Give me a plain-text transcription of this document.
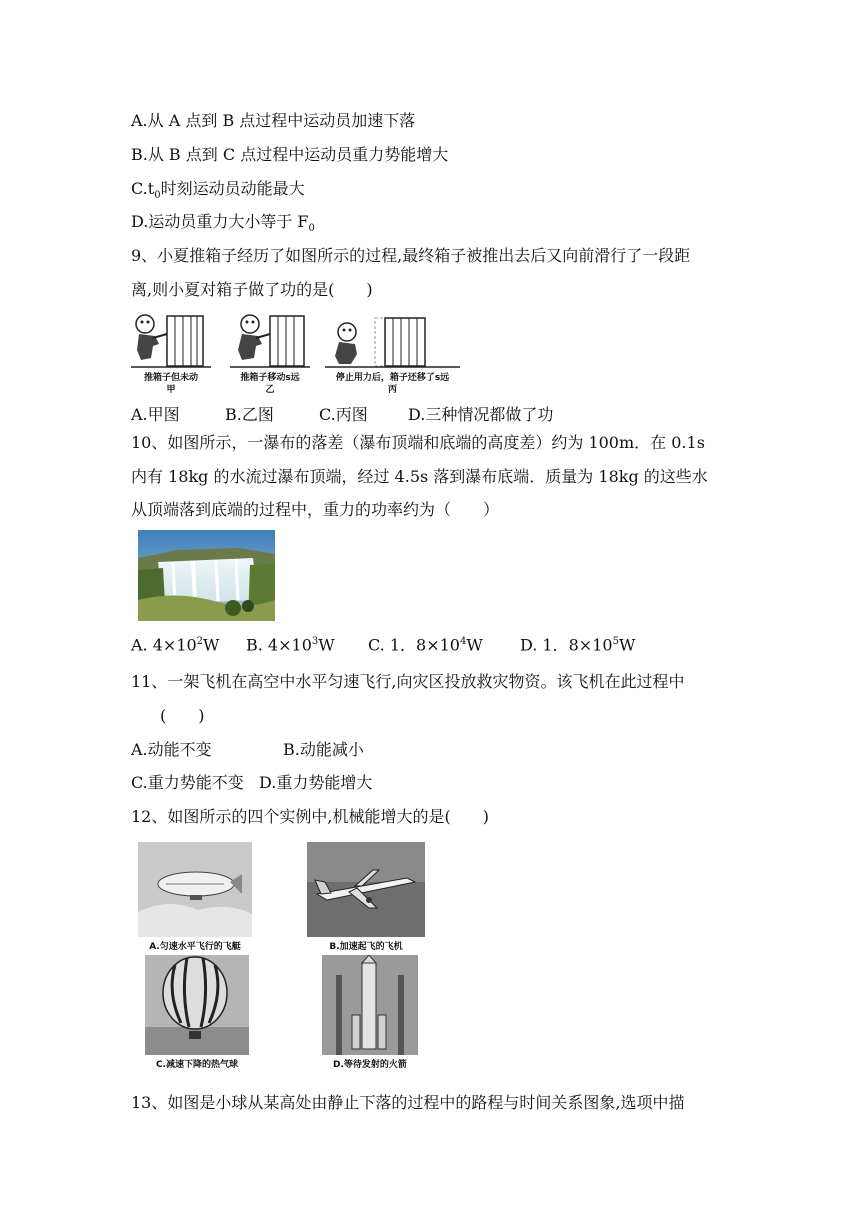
A.从 A 点到 B 点过程中运动员加速下落
B.从 B 点到 C 点过程中运动员重力势能增大
$C.t_0$时刻运动员动能最大
D.运动员重力大小等于 $F_0$
9、小夏推箱子经历了如图所示的过程,最终箱子被推出去后又向前滑行了一段距
离,则小夏对箱子做了功的是(　　)
推箱子但未动
甲
推箱子移动s远
乙
停止用力后，箱子还移了s远
丙
A.甲图	B.乙图	C.丙图	D.三种情况都做了功
10、如图所示，一瀑布的落差（瀑布顶端和底端的高度差）约为 100m．在 0.1s
内有 18kg 的水流过瀑布顶端，经过 4.5s 落到瀑布底端．质量为 18kg 的这些水
从顶端落到底端的过程中，重力的功率约为（　　）
A. $4\times 10^2W$ B. $4\times 10^3W$ C. 1．$8\times 10^4W$ D. 1．$8\times 10^5W$
11、一架飞机在高空中水平匀速飞行,向灾区投放救灾物资。该飞机在此过程中
(　　)
A.动能不变	B.动能减小
C.重力势能不变 D.重力势能增大
12、如图所示的四个实例中,机械能增大的是(　　)
A.匀速水平飞行的飞艇	B.加速起飞的飞机
C.减速下降的热气球	D.等待发射的火箭
13、如图是小球从某高处由静止下落的过程中的路程与时间关系图象,选项中描
